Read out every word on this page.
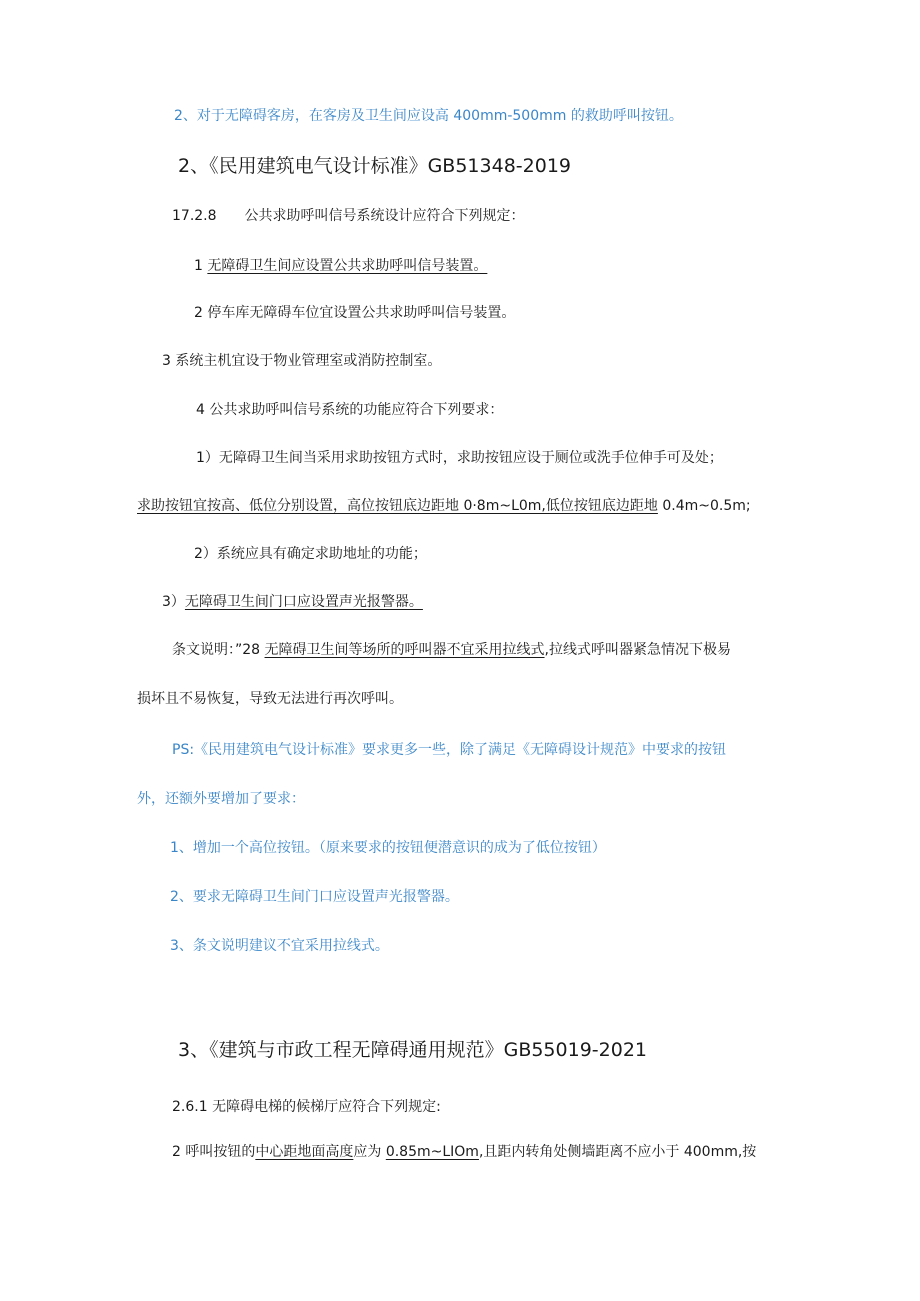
2、对于无障碍客房，在客房及卫生间应设高 400mm-500mm 的救助呼叫按钮。
2、《民用建筑电气设计标准》GB51348-2019
17.2.8　　公共求助呼叫信号系统设计应符合下列规定：
1 无障碍卫生间应设置公共求助呼叫信号装置。
2 停车库无障碍车位宜设置公共求助呼叫信号装置。
3 系统主机宜设于物业管理室或消防控制室。
4 公共求助呼叫信号系统的功能应符合下列要求：
1）无障碍卫生间当采用求助按钮方式时，求助按钮应设于厕位或洗手位伸手可及处；
求助按钮宜按高、低位分别设置，高位按钮底边距地 0·8m~L0m,低位按钮底边距地 0.4m~0.5m;
2）系统应具有确定求助地址的功能；
3）无障碍卫生间门口应设置声光报警器。
条文说明：”28 无障碍卫生间等场所的呼叫器不宜采用拉线式,拉线式呼叫器紧急情况下极易
损坏且不易恢复，导致无法进行再次呼叫。
PS:《民用建筑电气设计标准》要求更多一些，除了满足《无障碍设计规范》中要求的按钮
外，还额外要增加了要求：
1、增加一个高位按钮。（原来要求的按钮便潜意识的成为了低位按钮）
2、要求无障碍卫生间门口应设置声光报警器。
3、条文说明建议不宜采用拉线式。
3、《建筑与市政工程无障碍通用规范》GB55019-2021
2.6.1 无障碍电梯的候梯厅应符合下列规定:
2 呼叫按钮的中心距地面高度应为 0.85m~LIOm,且距内转角处侧墙距离不应小于 400mm,按
